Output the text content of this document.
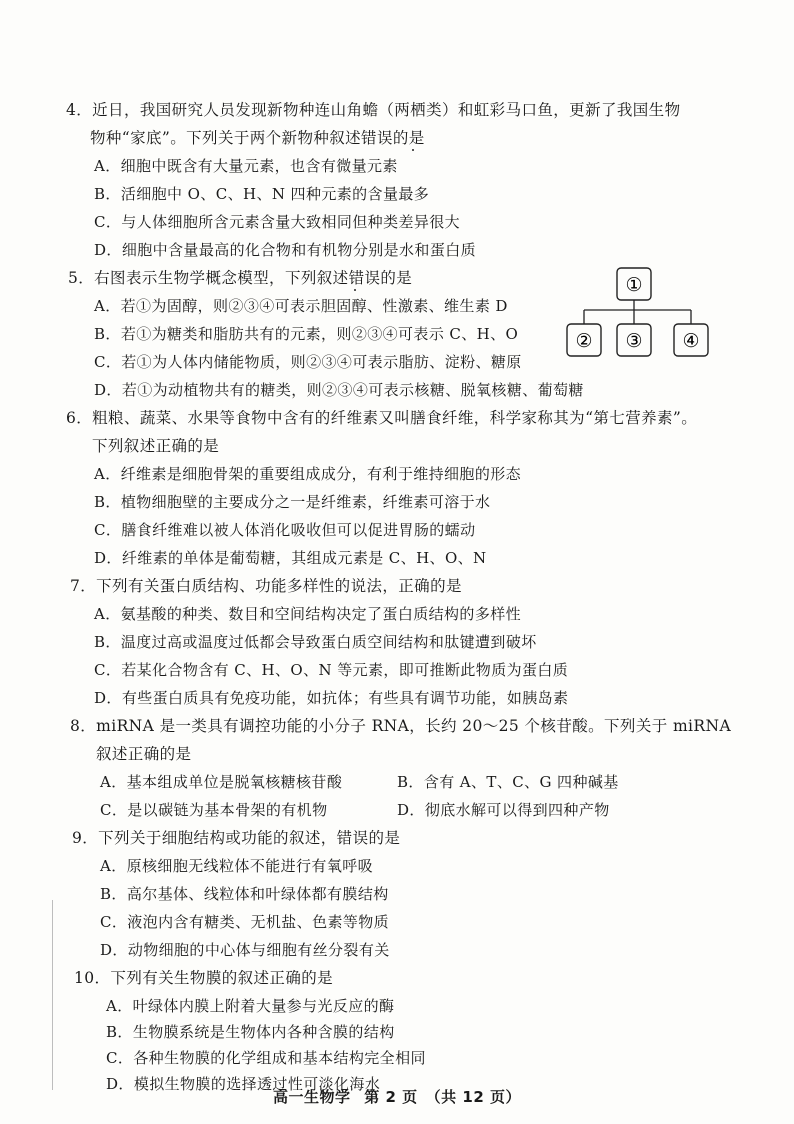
4．近日，我国研究人员发现新物种连山角蟾（两栖类）和虹彩马口鱼，更新了我国生物
物种“家底”。下列关于两个新物种叙述错误的是
A．细胞中既含有大量元素，也含有微量元素
B．活细胞中 O、C、H、N 四种元素的含量最多
C．与人体细胞所含元素含量大致相同但种类差异很大
D．细胞中含量最高的化合物和有机物分别是水和蛋白质
5．右图表示生物学概念模型，下列叙述错误的是
A．若①为固醇，则②③④可表示胆固醇、性激素、维生素 D
B．若①为糖类和脂肪共有的元素，则②③④可表示 C、H、O
C．若①为人体内储能物质，则②③④可表示脂肪、淀粉、糖原
D．若①为动植物共有的糖类，则②③④可表示核糖、脱氧核糖、葡萄糖
①
② ③ ④
6．粗粮、蔬菜、水果等食物中含有的纤维素又叫膳食纤维，科学家称其为“第七营养素”。
下列叙述正确的是
A．纤维素是细胞骨架的重要组成成分，有利于维持细胞的形态
B．植物细胞壁的主要成分之一是纤维素，纤维素可溶于水
C．膳食纤维难以被人体消化吸收但可以促进胃肠的蠕动
D．纤维素的单体是葡萄糖，其组成元素是 C、H、O、N
7．下列有关蛋白质结构、功能多样性的说法，正确的是
A．氨基酸的种类、数目和空间结构决定了蛋白质结构的多样性
B．温度过高或温度过低都会导致蛋白质空间结构和肽键遭到破坏
C．若某化合物含有 C、H、O、N 等元素，即可推断此物质为蛋白质
D．有些蛋白质具有免疫功能，如抗体；有些具有调节功能，如胰岛素
8．miRNA 是一类具有调控功能的小分子 RNA，长约 20～25 个核苷酸。下列关于 miRNA
叙述正确的是
A．基本组成单位是脱氧核糖核苷酸	B．含有 A、T、C、G 四种碱基
C．是以碳链为基本骨架的有机物	D．彻底水解可以得到四种产物
9．下列关于细胞结构或功能的叙述，错误的是
A．原核细胞无线粒体不能进行有氧呼吸
B．高尔基体、线粒体和叶绿体都有膜结构
C．液泡内含有糖类、无机盐、色素等物质
D．动物细胞的中心体与细胞有丝分裂有关
10．下列有关生物膜的叙述正确的是
A．叶绿体内膜上附着大量参与光反应的酶
B．生物膜系统是生物体内各种含膜的结构
C．各种生物膜的化学组成和基本结构完全相同
D．模拟生物膜的选择透过性可淡化海水
高一生物学 第 2 页 （共 12 页）
